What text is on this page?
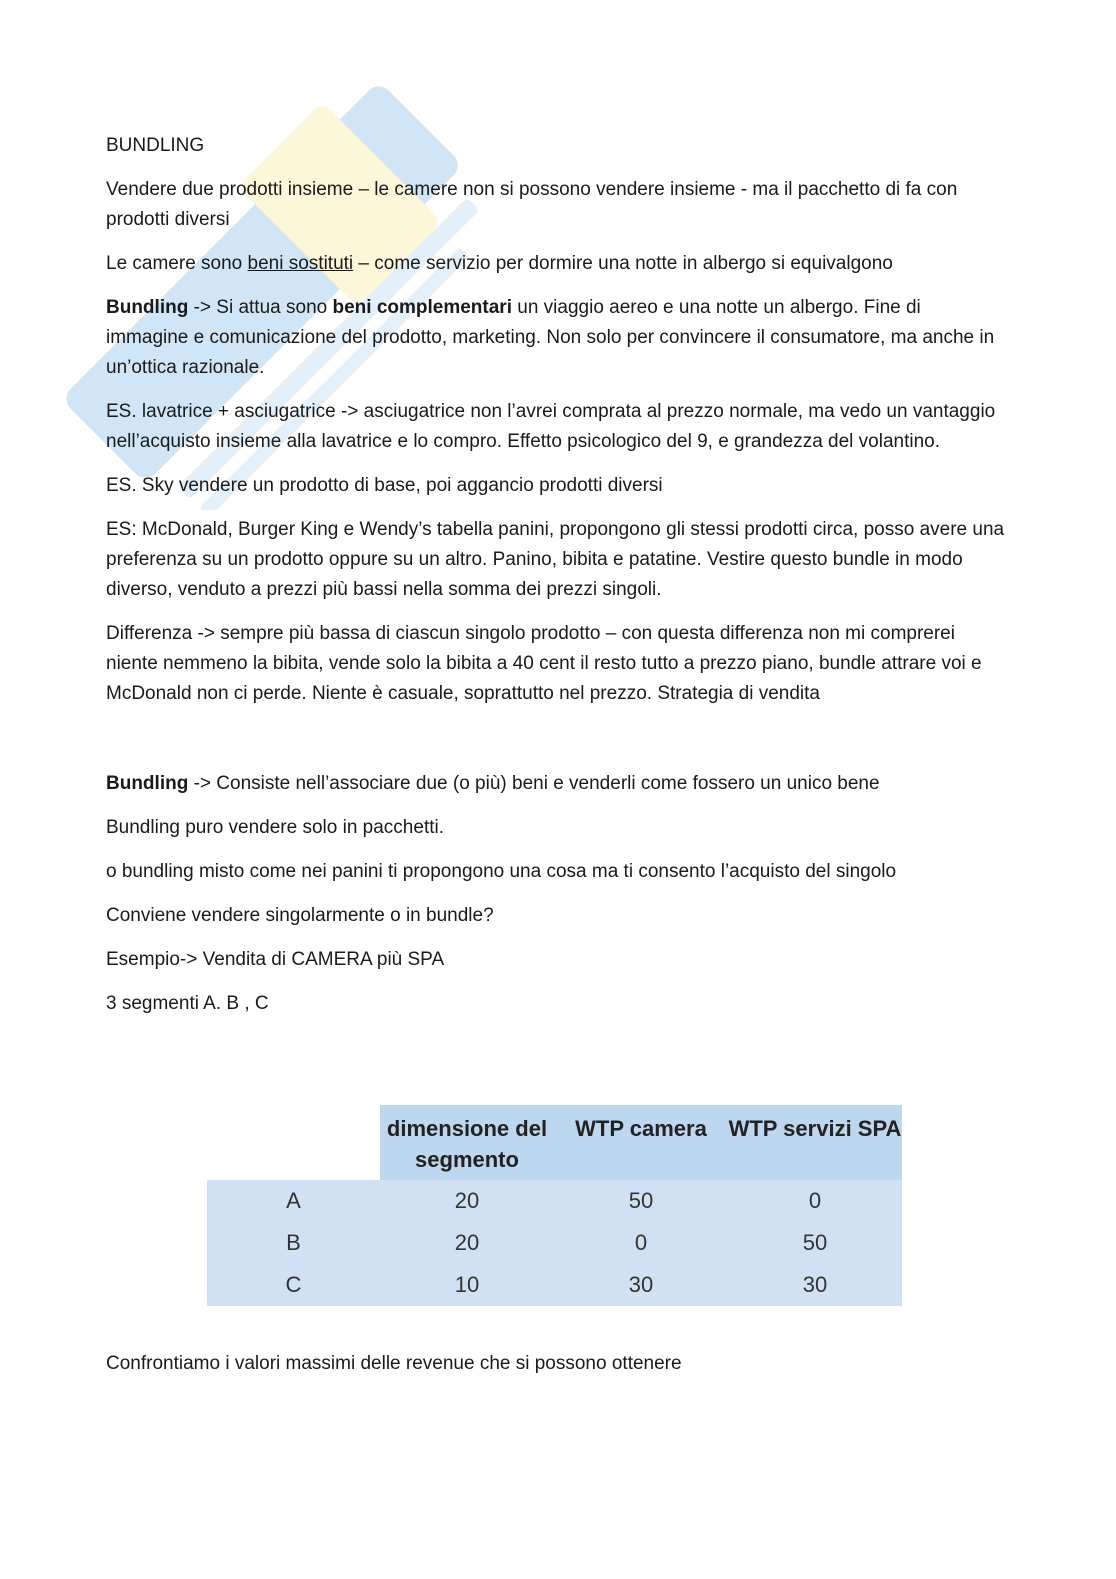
BUNDLING

Vendere due prodotti insieme – le camere non si possono vendere insieme - ma il pacchetto di fa con prodotti diversi

Le camere sono beni sostituti – come servizio per dormire una notte in albergo si equivalgono

Bundling -> Si attua sono beni complementari un viaggio aereo e una notte un albergo. Fine di immagine e comunicazione del prodotto, marketing. Non solo per convincere il consumatore, ma anche in un’ottica razionale.

ES. lavatrice + asciugatrice -> asciugatrice non l’avrei comprata al prezzo normale, ma vedo un vantaggio nell’acquisto insieme alla lavatrice e lo compro. Effetto psicologico del 9, e grandezza del volantino.

ES. Sky vendere un prodotto di base, poi aggancio prodotti diversi

ES: McDonald, Burger King e Wendy’s tabella panini, propongono gli stessi prodotti circa, posso avere una preferenza su un prodotto oppure su un altro. Panino, bibita e patatine. Vestire questo bundle in modo diverso, venduto a prezzi più bassi nella somma dei prezzi singoli.

Differenza -> sempre più bassa di ciascun singolo prodotto – con questa differenza non mi comprerei niente nemmeno la bibita, vende solo la bibita a 40 cent il resto tutto a prezzo piano, bundle attrare voi e McDonald non ci perde. Niente è casuale, soprattutto nel prezzo. Strategia di vendita

Bundling -> Consiste nell’associare due (o più) beni e venderli come fossero un unico bene

Bundling puro vendere solo in pacchetti.

o bundling misto come nei panini ti propongono una cosa ma ti consento l’acquisto del singolo

Conviene vendere singolarmente o in bundle?

Esempio-> Vendita di CAMERA più SPA

3 segmenti A. B , C

	dimensione del segmento	WTP camera	WTP servizi SPA
A	20	50	0
B	20	0	50
C	10	30	30

Confrontiamo i valori massimi delle revenue che si possono ottenere
